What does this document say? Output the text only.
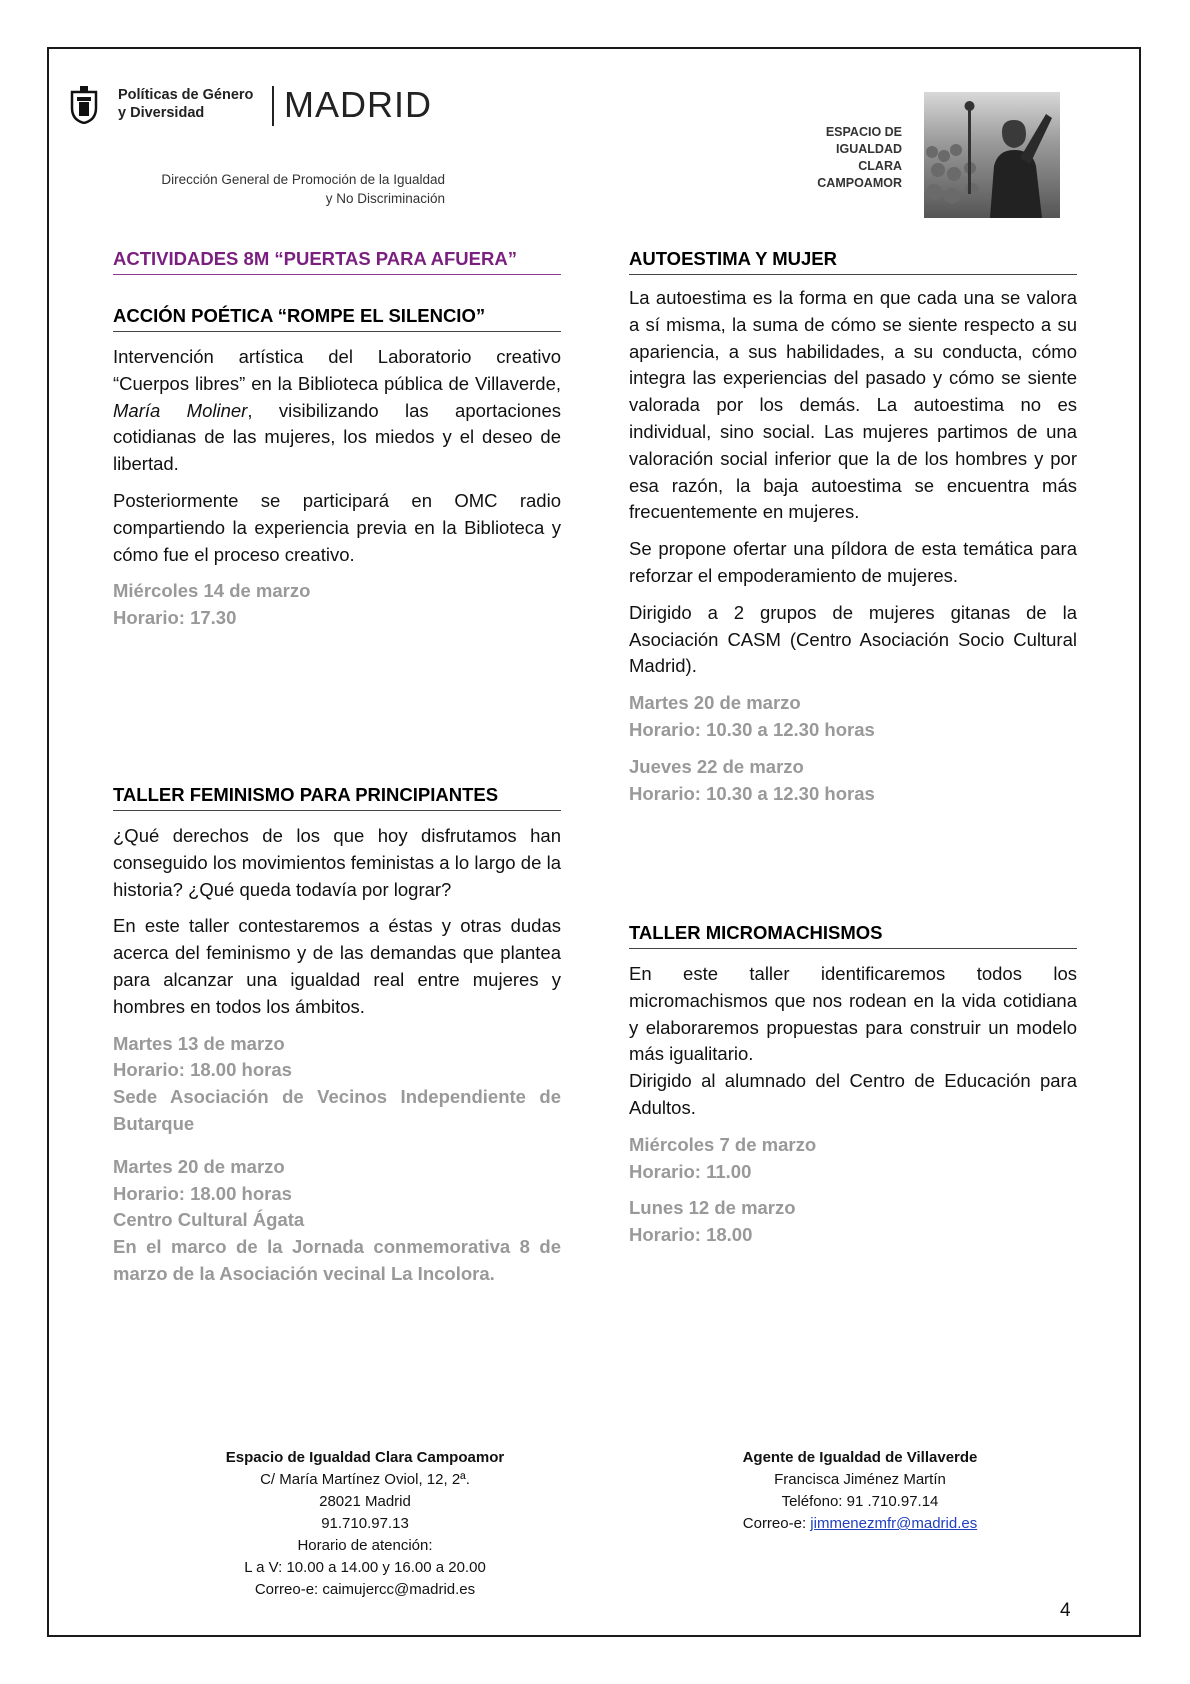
Políticas de Género
y Diversidad	MADRID
Dirección General de Promoción de la Igualdad
y No Discriminación
ESPACIO DE
IGUALDAD
CLARA
CAMPOAMOR
ACTIVIDADES 8M “PUERTAS PARA AFUERA”
ACCIÓN POÉTICA “ROMPE EL SILENCIO”

Intervención artística del Laboratorio creativo “Cuerpos libres” en la Biblioteca pública de Villaverde, María Moliner, visibilizando las aportaciones cotidianas de las mujeres, los miedos y el deseo de libertad.

Posteriormente se participará en OMC radio compartiendo la experiencia previa en la Biblioteca y cómo fue el proceso creativo.

Miércoles 14 de marzo
Horario: 17.30
TALLER FEMINISMO PARA PRINCIPIANTES

¿Qué derechos de los que hoy disfrutamos han conseguido los movimientos feministas a lo largo de la historia? ¿Qué queda todavía por lograr?

En este taller contestaremos a éstas y otras dudas acerca del feminismo y de las demandas que plantea para alcanzar una igualdad real entre mujeres y hombres en todos los ámbitos.

Martes 13 de marzo
Horario: 18.00 horas
Sede Asociación de Vecinos Independiente de Butarque
Martes 20 de marzo
Horario: 18.00 horas
Centro Cultural Ágata
En el marco de la Jornada conmemorativa 8 de marzo de la Asociación vecinal La Incolora.
AUTOESTIMA Y MUJER

La autoestima es la forma en que cada una se valora a sí misma, la suma de cómo se siente respecto a su apariencia, a sus habilidades, a su conducta, cómo integra las experiencias del pasado y cómo se siente valorada por los demás. La autoestima no es individual, sino social. Las mujeres partimos de una valoración social inferior que la de los hombres y por esa razón, la baja autoestima se encuentra más frecuentemente en mujeres.

Se propone ofertar una píldora de esta temática para reforzar el empoderamiento de mujeres.

Dirigido a 2 grupos de mujeres gitanas de la Asociación CASM (Centro Asociación Socio Cultural Madrid).

Martes 20 de marzo
Horario: 10.30 a 12.30 horas
Jueves 22 de marzo
Horario: 10.30 a 12.30 horas
TALLER MICROMACHISMOS

En este taller identificaremos todos los micromachismos que nos rodean en la vida cotidiana y elaboraremos propuestas para construir un modelo más igualitario.

Dirigido al alumnado del Centro de Educación para Adultos.

Miércoles 7 de marzo
Horario: 11.00
Lunes 12 de marzo
Horario: 18.00
Espacio de Igualdad Clara Campoamor
C/ María Martínez Oviol, 12, 2ª.
28021 Madrid
91.710.97.13
Horario de atención:
L a V: 10.00 a 14.00 y 16.00 a 20.00
Correo-e: caimujercc@madrid.es
Agente de Igualdad de Villaverde
Francisca Jiménez Martín
Teléfono: 91 .710.97.14
Correo-e: jimmenezmfr@madrid.es
4
